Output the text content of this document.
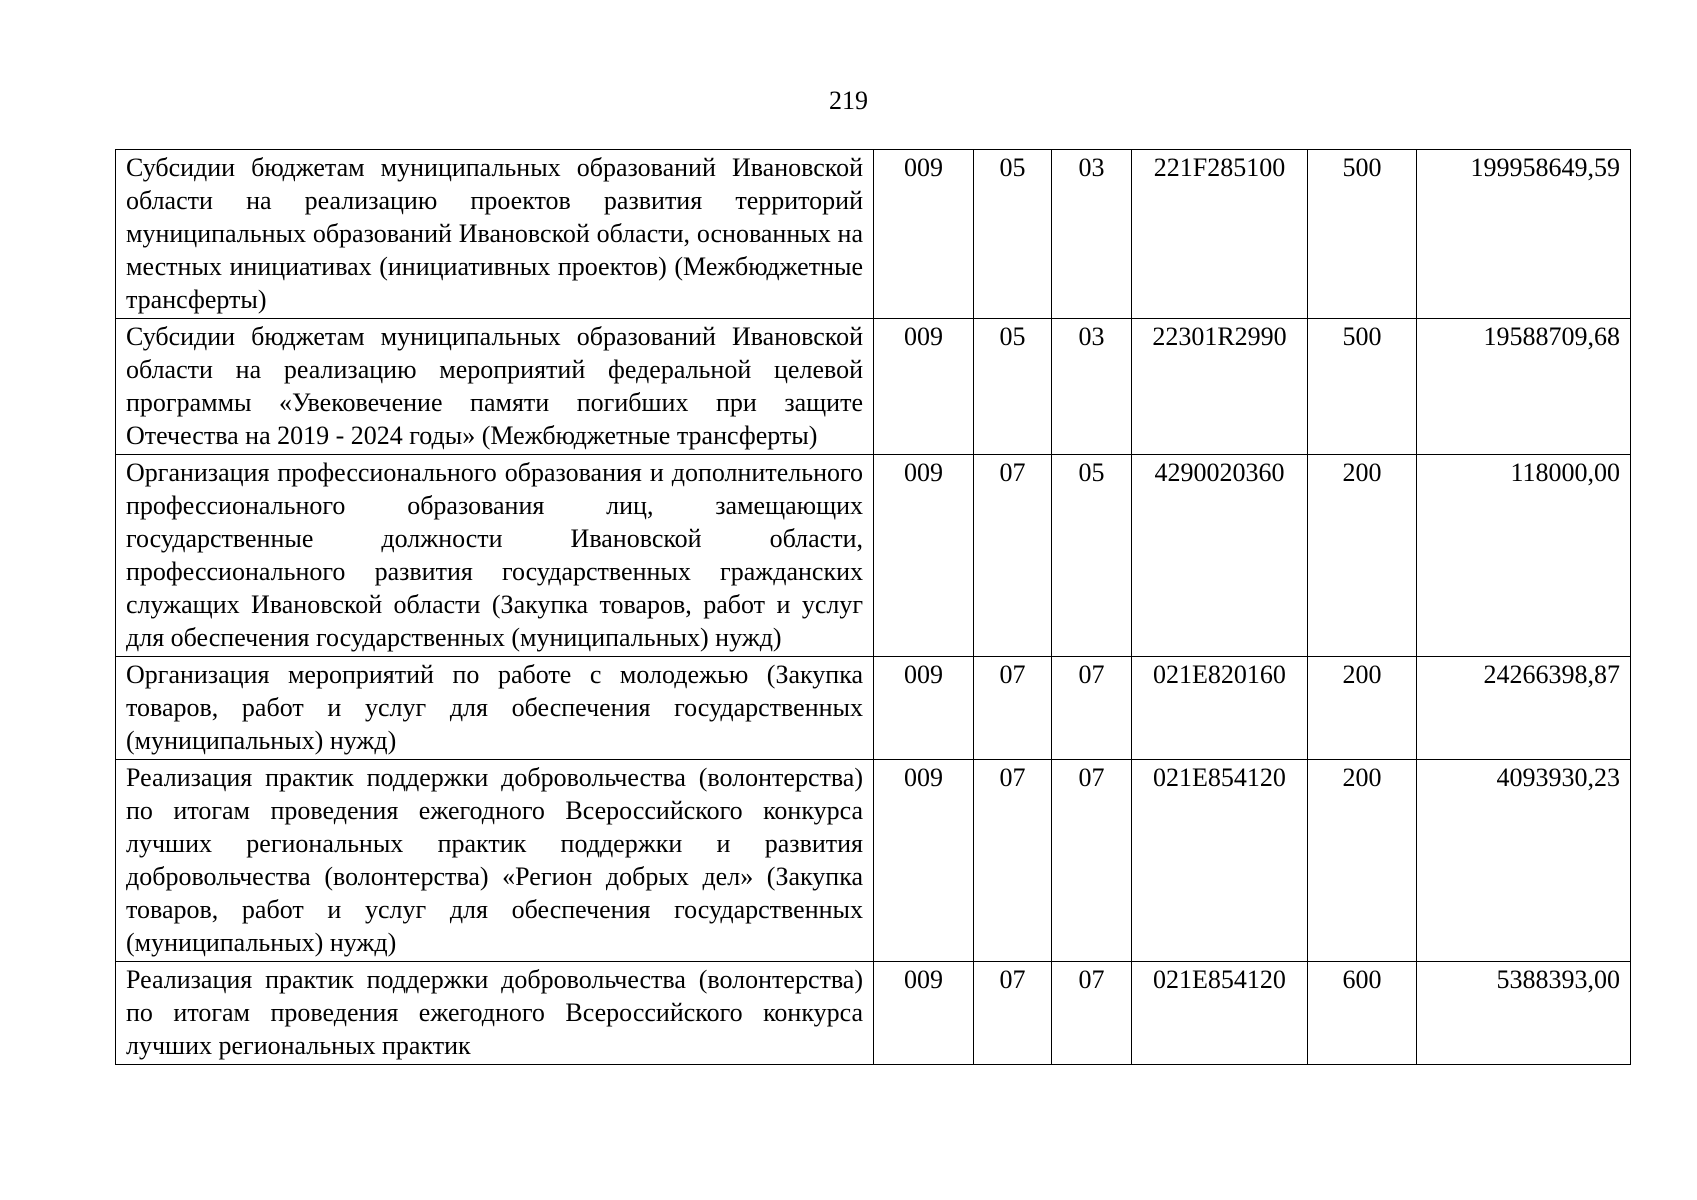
219
Субсидии бюджетам муниципальных образований Ивановской области на реализацию проектов развития территорий муниципальных образований Ивановской области, основанных на местных инициативах (инициативных проектов) (Межбюджетные трансферты)	009	05	03	221F285100	500	199958649,59
Субсидии бюджетам муниципальных образований Ивановской области на реализацию мероприятий федеральной целевой программы «Увековечение памяти погибших при защите Отечества на 2019 - 2024 годы» (Межбюджетные трансферты)	009	05	03	22301R2990	500	19588709,68
Организация профессионального образования и дополнительного профессионального образования лиц, замещающих государственные должности Ивановской области, профессионального развития государственных гражданских служащих Ивановской области (Закупка товаров, работ и услуг для обеспечения государственных (муниципальных) нужд)	009	07	05	4290020360	200	118000,00
Организация мероприятий по работе с молодежью (Закупка товаров, работ и услуг для обеспечения государственных (муниципальных) нужд)	009	07	07	021E820160	200	24266398,87
Реализация практик поддержки добровольчества (волонтерства) по итогам проведения ежегодного Всероссийского конкурса лучших региональных практик поддержки и развития добровольчества (волонтерства) «Регион добрых дел» (Закупка товаров, работ и услуг для обеспечения государственных (муниципальных) нужд)	009	07	07	021E854120	200	4093930,23
Реализация практик поддержки добровольчества (волонтерства) по итогам проведения ежегодного Всероссийского конкурса лучших региональных практик	009	07	07	021E854120	600	5388393,00
